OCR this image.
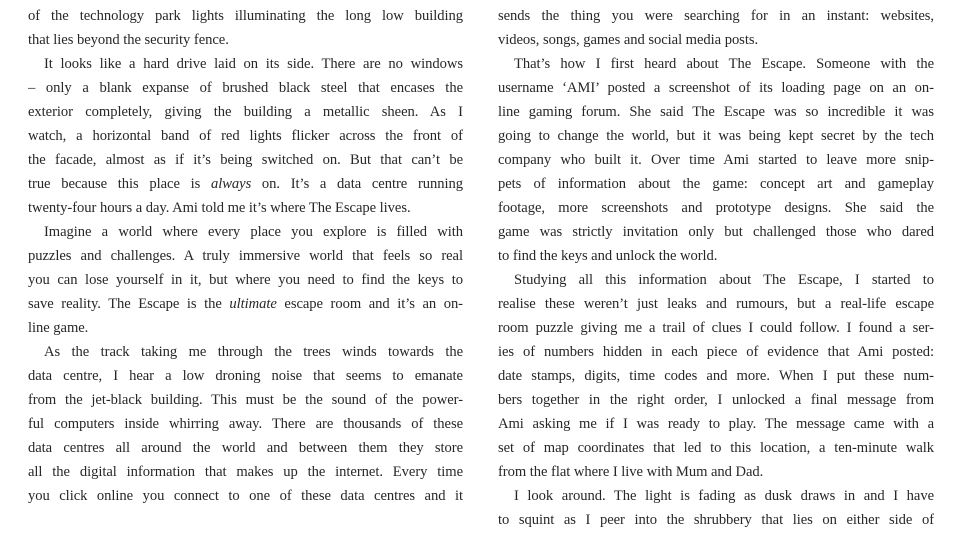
of the technology park lights illuminating the long low building
that lies beyond the security fence.
It looks like a hard drive laid on its side. There are no windows
– only a blank expanse of brushed black steel that encases the
exterior completely, giving the building a metallic sheen. As I
watch, a horizontal band of red lights flicker across the front of
the facade, almost as if it’s being switched on. But that can’t be
true because this place is always on. It’s a data centre running
twenty-four hours a day. Ami told me it’s where The Escape lives.
Imagine a world where every place you explore is filled with
puzzles and challenges. A truly immersive world that feels so real
you can lose yourself in it, but where you need to find the keys to
save reality. The Escape is the ultimate escape room and it’s an on-
line game.
As the track taking me through the trees winds towards the
data centre, I hear a low droning noise that seems to emanate
from the jet-black building. This must be the sound of the power-
ful computers inside whirring away. There are thousands of these
data centres all around the world and between them they store
all the digital information that makes up the internet. Every time
you click online you connect to one of these data centres and it
sends the thing you were searching for in an instant: websites,
videos, songs, games and social media posts.
That’s how I first heard about The Escape. Someone with the
username ‘AMI’ posted a screenshot of its loading page on an on-
line gaming forum. She said The Escape was so incredible it was
going to change the world, but it was being kept secret by the tech
company who built it. Over time Ami started to leave more snip-
pets of information about the game: concept art and gameplay
footage, more screenshots and prototype designs. She said the
game was strictly invitation only but challenged those who dared
to find the keys and unlock the world.
Studying all this information about The Escape, I started to
realise these weren’t just leaks and rumours, but a real-life escape
room puzzle giving me a trail of clues I could follow. I found a ser-
ies of numbers hidden in each piece of evidence that Ami posted:
date stamps, digits, time codes and more. When I put these num-
bers together in the right order, I unlocked a final message from
Ami asking me if I was ready to play. The message came with a
set of map coordinates that led to this location, a ten-minute walk
from the flat where I live with Mum and Dad.
I look around. The light is fading as dusk draws in and I have
to squint as I peer into the shrubbery that lies on either side of
